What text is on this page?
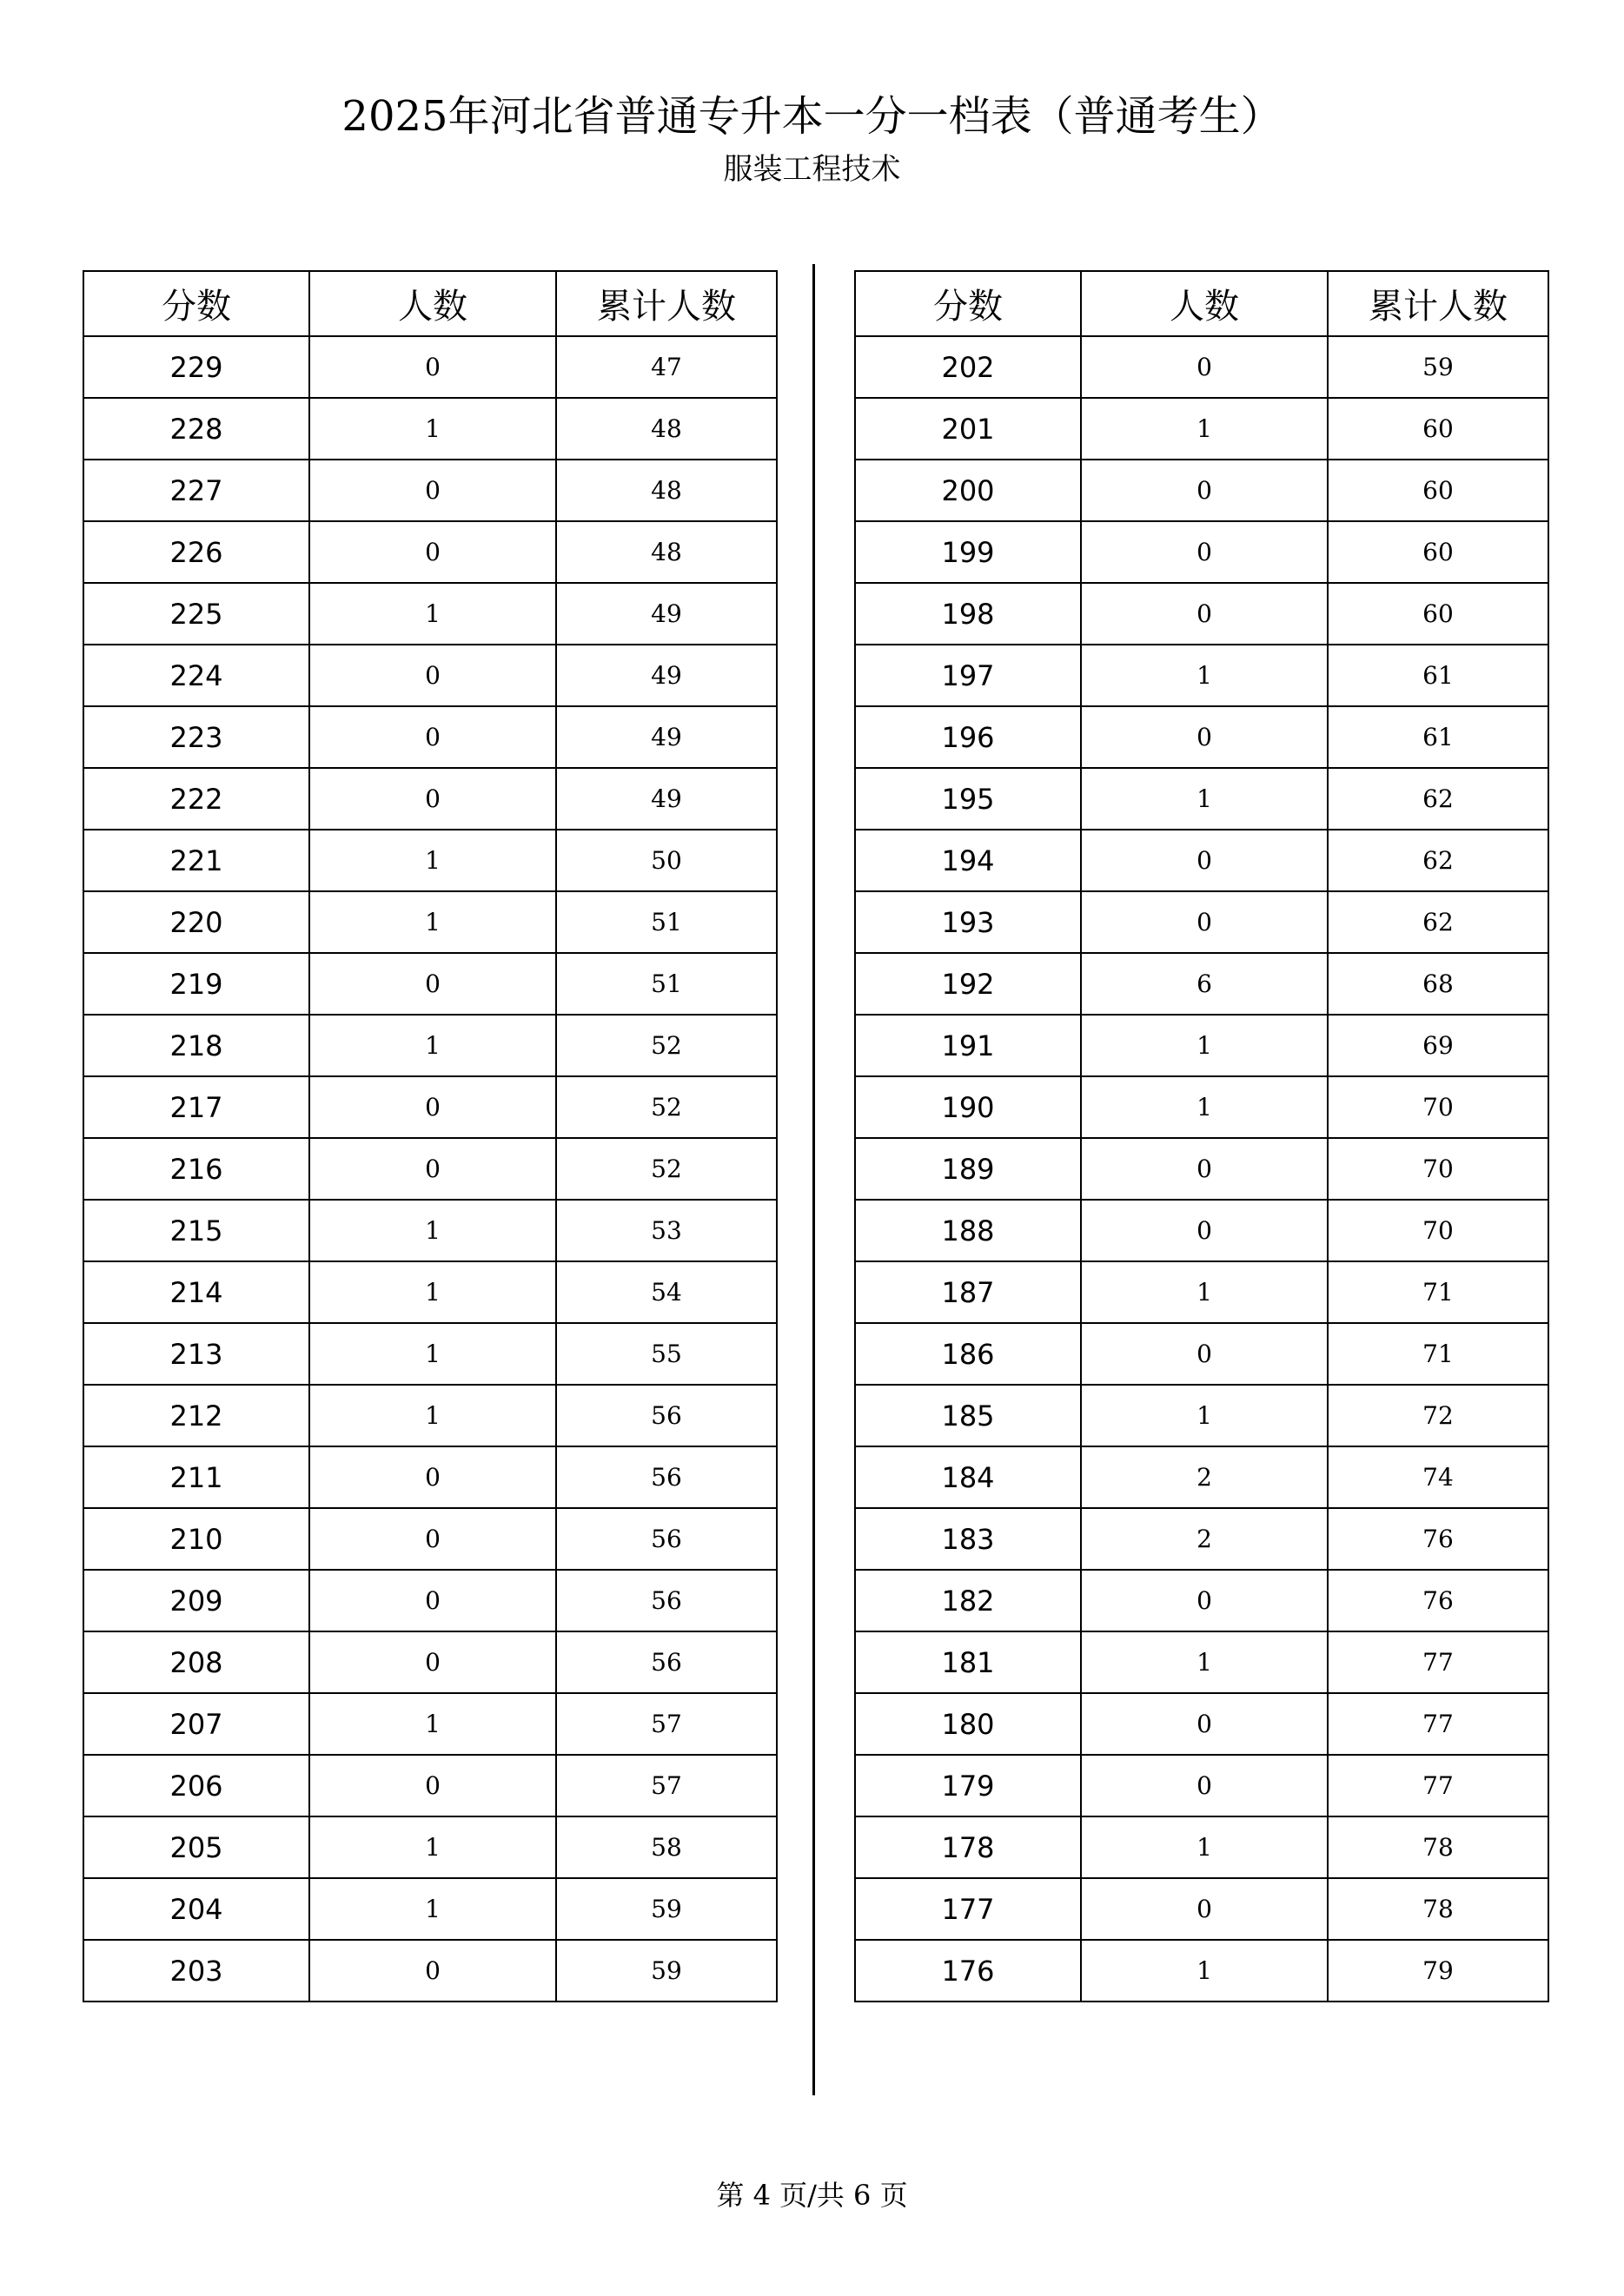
2025年河北省普通专升本一分一档表（普通考生）
服装工程技术
分数	人数	累计人数
229	0	47
228	1	48
227	0	48
226	0	48
225	1	49
224	0	49
223	0	49
222	0	49
221	1	50
220	1	51
219	0	51
218	1	52
217	0	52
216	0	52
215	1	53
214	1	54
213	1	55
212	1	56
211	0	56
210	0	56
209	0	56
208	0	56
207	1	57
206	0	57
205	1	58
204	1	59
203	0	59
分数	人数	累计人数
202	0	59
201	1	60
200	0	60
199	0	60
198	0	60
197	1	61
196	0	61
195	1	62
194	0	62
193	0	62
192	6	68
191	1	69
190	1	70
189	0	70
188	0	70
187	1	71
186	0	71
185	1	72
184	2	74
183	2	76
182	0	76
181	1	77
180	0	77
179	0	77
178	1	78
177	0	78
176	1	79
第 4 页/共 6 页
